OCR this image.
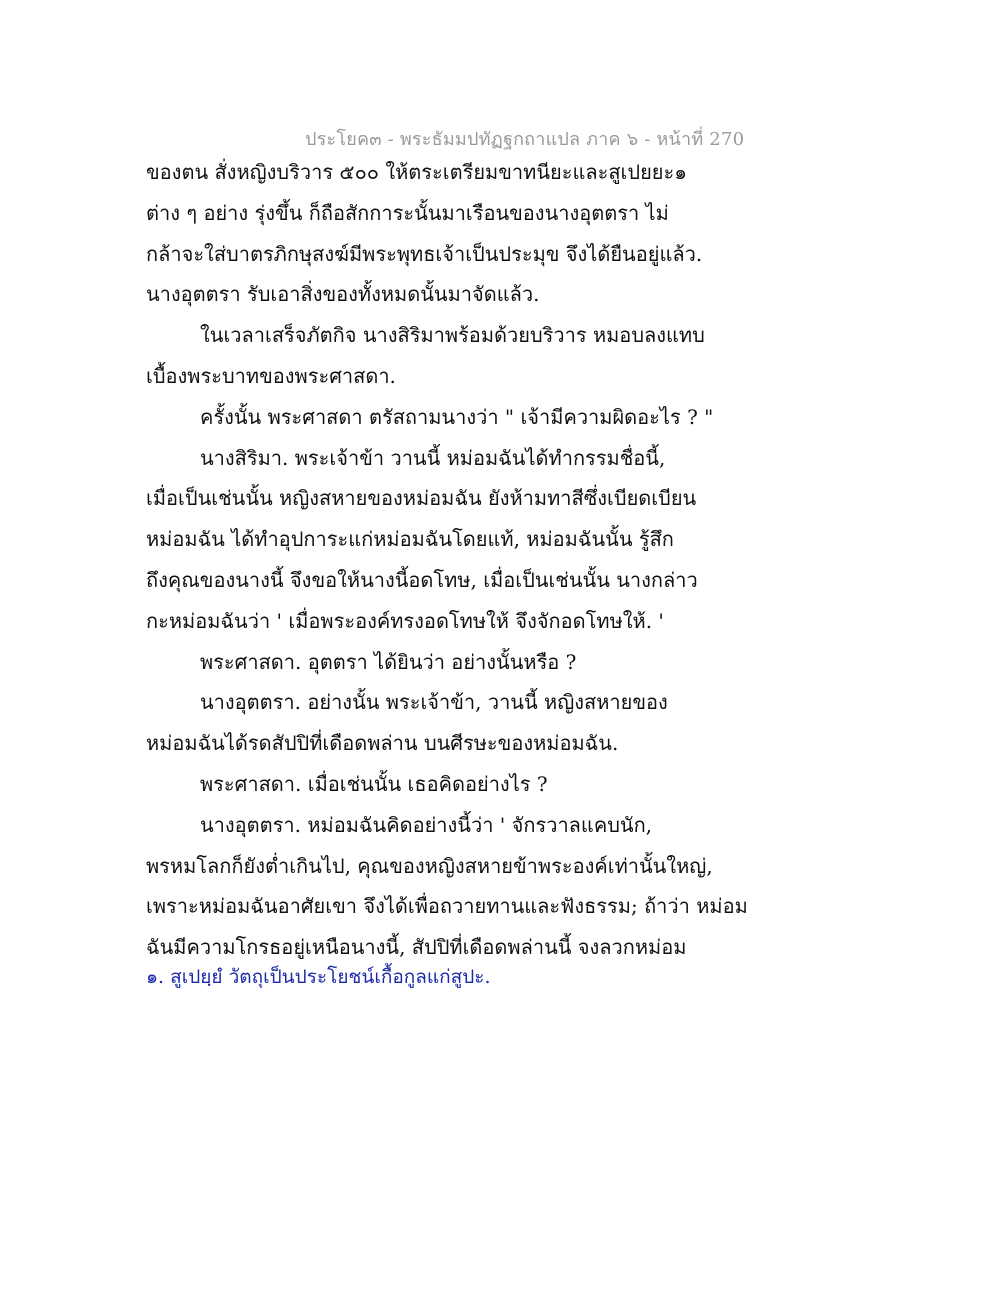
ประโยค๓ - พระธัมมปทัฏฐกถาแปล ภาค ๖ - หน้าที่ 270
ของตน สั่งหญิงบริวาร ๕๐๐ ให้ตระเตรียมขาทนียะและสูเปยยะ๑
ต่าง ๆ อย่าง รุ่งขึ้น ก็ถือสักการะนั้นมาเรือนของนางอุตตรา ไม่
กล้าจะใส่บาตรภิกษุสงฆ์มีพระพุทธเจ้าเป็นประมุข จึงได้ยืนอยู่แล้ว.
นางอุตตรา รับเอาสิ่งของทั้งหมดนั้นมาจัดแล้ว.
ในเวลาเสร็จภัตกิจ นางสิริมาพร้อมด้วยบริวาร หมอบลงแทบ
เบื้องพระบาทของพระศาสดา.
ครั้งนั้น พระศาสดา ตรัสถามนางว่า " เจ้ามีความผิดอะไร ? "
นางสิริมา. พระเจ้าข้า วานนี้ หม่อมฉันได้ทำกรรมชื่อนี้,
เมื่อเป็นเช่นนั้น หญิงสหายของหม่อมฉัน ยังห้ามทาสีซึ่งเบียดเบียน
หม่อมฉัน ได้ทำอุปการะแก่หม่อมฉันโดยแท้, หม่อมฉันนั้น รู้สึก
ถึงคุณของนางนี้ จึงขอให้นางนี้อดโทษ, เมื่อเป็นเช่นนั้น นางกล่าว
กะหม่อมฉันว่า ' เมื่อพระองค์ทรงอดโทษให้ จึงจักอดโทษให้. '
พระศาสดา. อุตตรา ได้ยินว่า อย่างนั้นหรือ ?
นางอุตตรา. อย่างนั้น พระเจ้าข้า, วานนี้ หญิงสหายของ
หม่อมฉันได้รดสัปปิที่เดือดพล่าน บนศีรษะของหม่อมฉัน.
พระศาสดา. เมื่อเช่นนั้น เธอคิดอย่างไร ?
นางอุตตรา. หม่อมฉันคิดอย่างนี้ว่า ' จักรวาลแคบนัก,
พรหมโลกก็ยังต่ำเกินไป, คุณของหญิงสหายข้าพระองค์เท่านั้นใหญ่,
เพราะหม่อมฉันอาศัยเขา จึงได้เพื่อถวายทานและฟังธรรม; ถ้าว่า หม่อม
ฉันมีความโกรธอยู่เหนือนางนี้, สัปปิที่เดือดพล่านนี้ จงลวกหม่อม
๑. สูเปยฺยํ วัตถุเป็นประโยชน์เกื้อกูลแก่สูปะ.
